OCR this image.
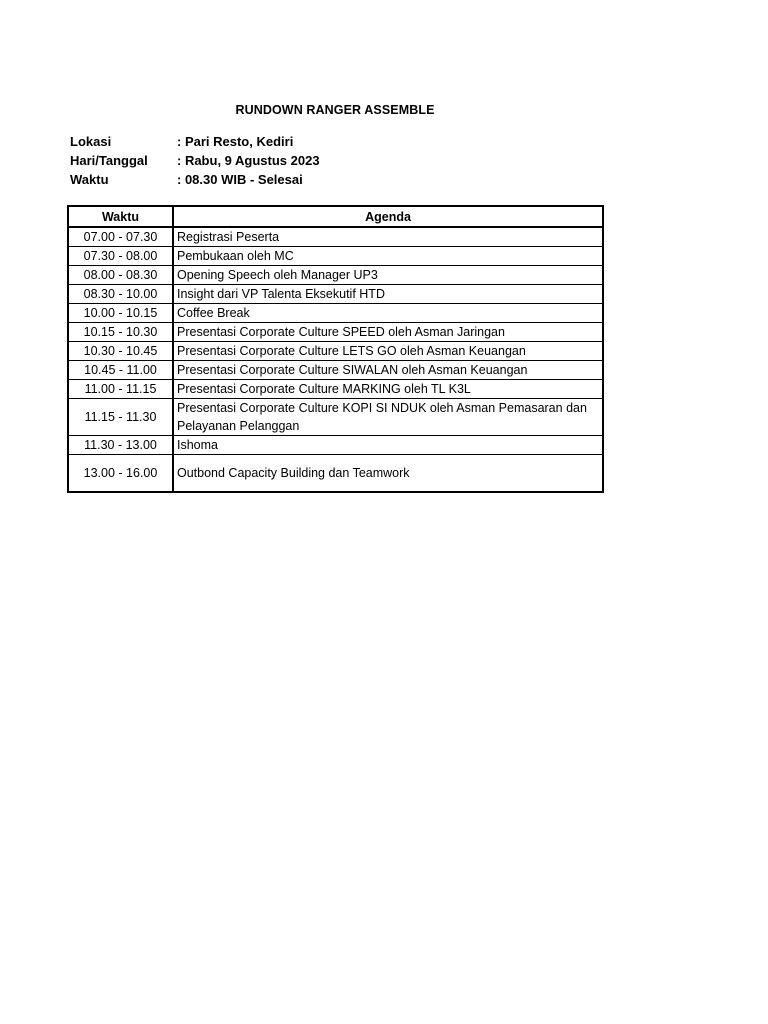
RUNDOWN RANGER ASSEMBLE
Lokasi	: Pari Resto, Kediri
Hari/Tanggal	: Rabu, 9 Agustus 2023
Waktu	: 08.30 WIB - Selesai
Waktu	Agenda
07.00 - 07.30	Registrasi Peserta
07.30 - 08.00	Pembukaan oleh MC
08.00 - 08.30	Opening Speech oleh Manager UP3
08.30 - 10.00	Insight dari VP Talenta Eksekutif HTD
10.00 - 10.15	Coffee Break
10.15 - 10.30	Presentasi Corporate Culture SPEED oleh Asman Jaringan
10.30 - 10.45	Presentasi Corporate Culture LETS GO oleh Asman Keuangan
10.45 - 11.00	Presentasi Corporate Culture SIWALAN oleh Asman Keuangan
11.00 - 11.15	Presentasi Corporate Culture MARKING oleh TL K3L
11.15 - 11.30	Presentasi Corporate Culture KOPI SI NDUK oleh Asman Pemasaran dan Pelayanan Pelanggan
11.30 - 13.00	Ishoma
13.00 - 16.00	Outbond Capacity Building dan Teamwork
